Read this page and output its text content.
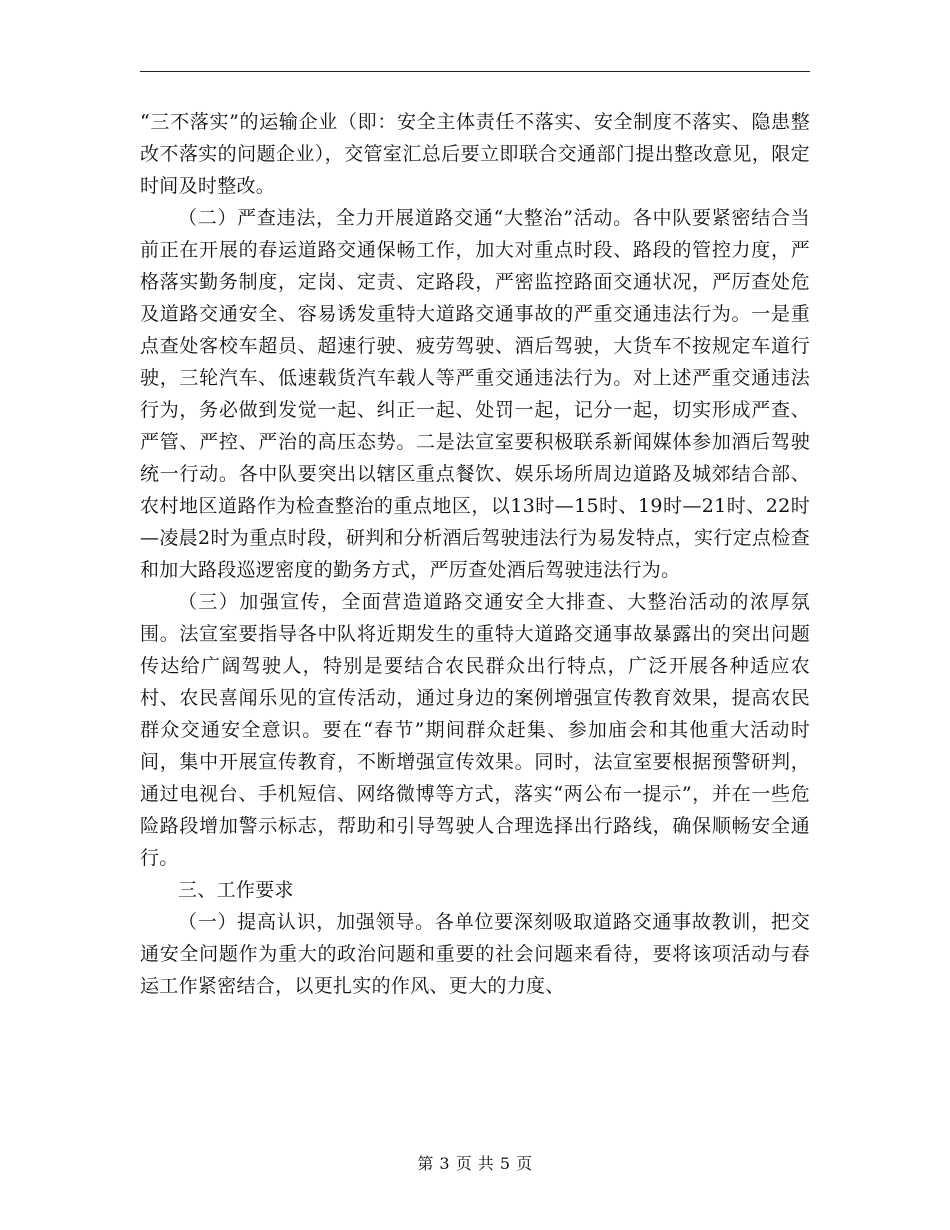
“三不落实”的运输企业（即：安全主体责任不落实、安全制度不落实、隐患整改不落实的问题企业），交管室汇总后要立即联合交通部门提出整改意见，限定时间及时整改。

（二）严查违法，全力开展道路交通“大整治”活动。各中队要紧密结合当前正在开展的春运道路交通保畅工作，加大对重点时段、路段的管控力度，严格落实勤务制度，定岗、定责、定路段，严密监控路面交通状况，严厉查处危及道路交通安全、容易诱发重特大道路交通事故的严重交通违法行为。一是重点查处客校车超员、超速行驶、疲劳驾驶、酒后驾驶，大货车不按规定车道行驶，三轮汽车、低速载货汽车载人等严重交通违法行为。对上述严重交通违法行为，务必做到发觉一起、纠正一起、处罚一起，记分一起，切实形成严查、严管、严控、严治的高压态势。二是法宣室要积极联系新闻媒体参加酒后驾驶统一行动。各中队要突出以辖区重点餐饮、娱乐场所周边道路及城郊结合部、农村地区道路作为检查整治的重点地区，以13时—15时、19时—21时、22时—凌晨2时为重点时段，研判和分析酒后驾驶违法行为易发特点，实行定点检查和加大路段巡逻密度的勤务方式，严厉查处酒后驾驶违法行为。

（三）加强宣传，全面营造道路交通安全大排查、大整治活动的浓厚氛围。法宣室要指导各中队将近期发生的重特大道路交通事故暴露出的突出问题传达给广阔驾驶人，特别是要结合农民群众出行特点，广泛开展各种适应农村、农民喜闻乐见的宣传活动，通过身边的案例增强宣传教育效果，提高农民群众交通安全意识。要在“春节”期间群众赶集、参加庙会和其他重大活动时间，集中开展宣传教育，不断增强宣传效果。同时，法宣室要根据预警研判，通过电视台、手机短信、网络微博等方式，落实“两公布一提示”，并在一些危险路段增加警示标志，帮助和引导驾驶人合理选择出行路线，确保顺畅安全通行。

三、工作要求

（一）提高认识，加强领导。各单位要深刻吸取道路交通事故教训，把交通安全问题作为重大的政治问题和重要的社会问题来看待，要将该项活动与春运工作紧密结合，以更扎实的作风、更大的力度、

第 3 页 共 5 页
